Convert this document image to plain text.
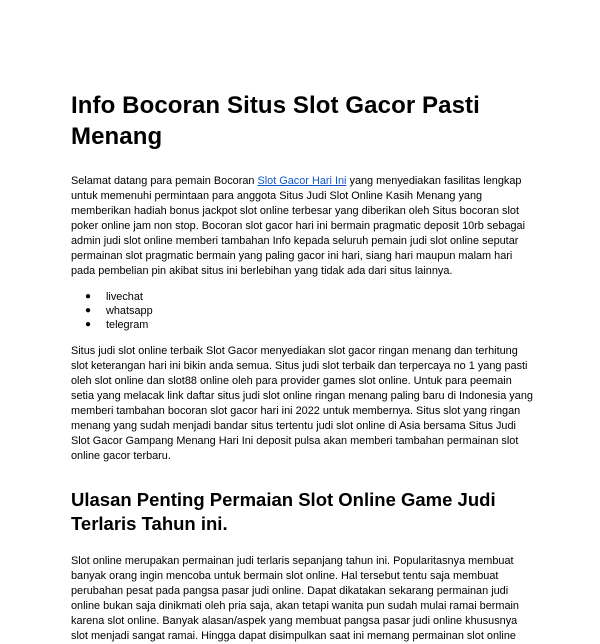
Info Bocoran Situs Slot Gacor Pasti Menang

Selamat datang para pemain Bocoran Slot Gacor Hari Ini yang menyediakan fasilitas lengkap untuk memenuhi permintaan para anggota Situs Judi Slot Online Kasih Menang yang memberikan hadiah bonus jackpot slot online terbesar yang diberikan oleh Situs bocoran slot poker online jam non stop. Bocoran slot gacor hari ini bermain pragmatic deposit 10rb sebagai admin judi slot online memberi tambahan Info kepada seluruh pemain judi slot online seputar permainan slot pragmatic bermain yang paling gacor ini hari, siang hari maupun malam hari pada pembelian pin akibat situs ini berlebihan yang tidak ada dari situs lainnya.

● livechat
● whatsapp
● telegram

Situs judi slot online terbaik Slot Gacor menyediakan slot gacor ringan menang dan terhitung slot keterangan hari ini bikin anda semua. Situs judi slot terbaik dan terpercaya no 1 yang pasti oleh slot online dan slot88 online oleh para provider games slot online. Untuk para peemain setia yang melacak link daftar situs judi slot online ringan menang paling baru di Indonesia yang memberi tambahan bocoran slot gacor hari ini 2022 untuk membernya. Situs slot yang ringan menang yang sudah menjadi bandar situs tertentu judi slot online di Asia bersama Situs Judi Slot Gacor Gampang Menang Hari Ini deposit pulsa akan memberi tambahan permainan slot online gacor terbaru.

Ulasan Penting Permaian Slot Online Game Judi Terlaris Tahun ini.

Slot online merupakan permainan judi terlaris sepanjang tahun ini. Popularitasnya membuat banyak orang ingin mencoba untuk bermain slot online. Hal tersebut tentu saja membuat perubahan pesat pada pangsa pasar judi online. Dapat dikatakan sekarang permainan judi online bukan saja dinikmati oleh pria saja, akan tetapi wanita pun sudah mulai ramai bermain karena slot online. Banyak alasan/aspek yang membuat pangsa pasar judi online khususnya slot menjadi sangat ramai. Hingga dapat disimpulkan saat ini memang permainan slot online
